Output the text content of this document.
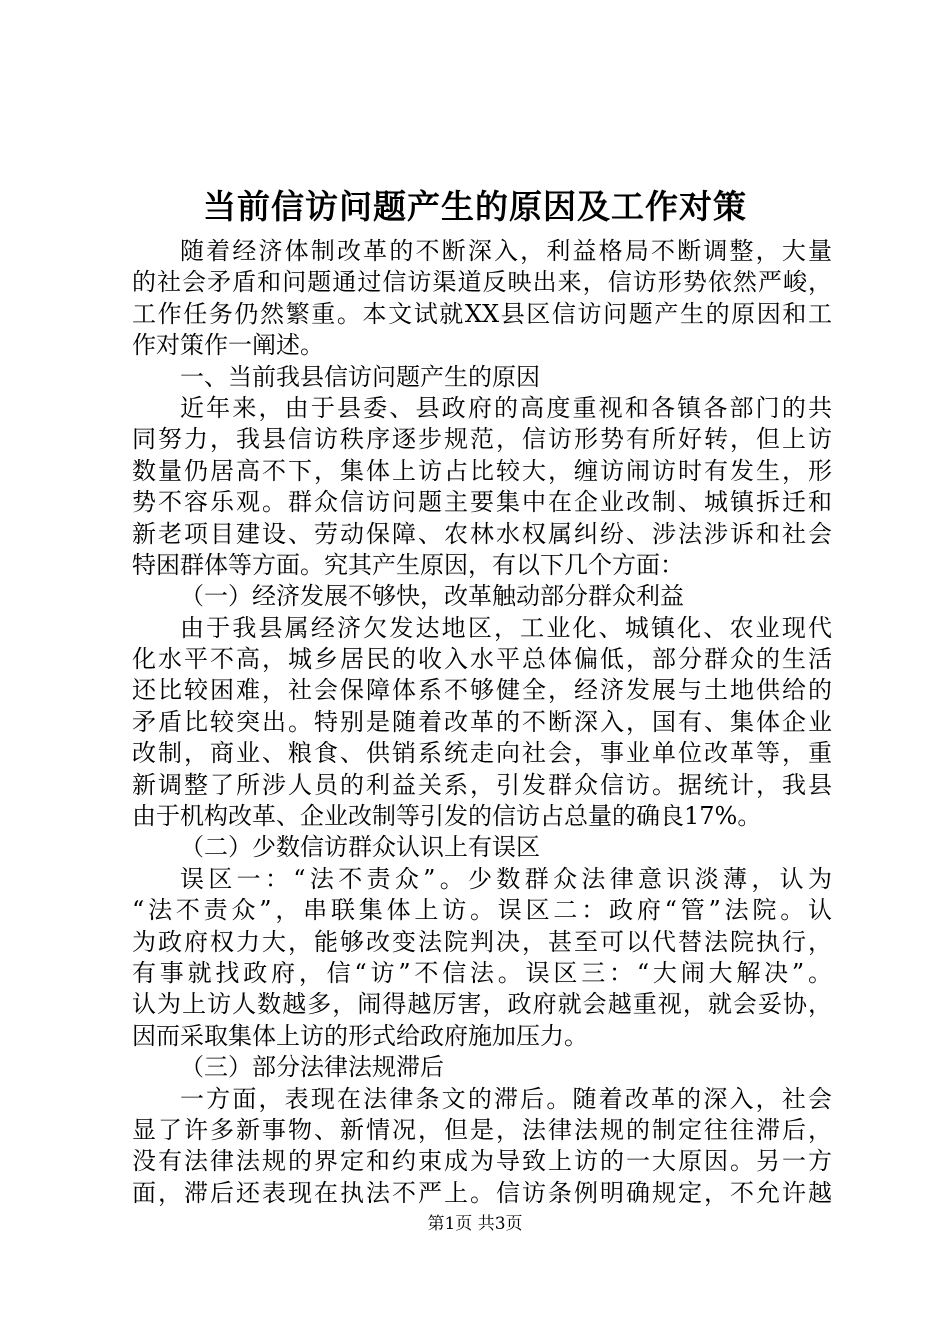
当前信访问题产生的原因及工作对策
随着经济体制改革的不断深入，利益格局不断调整，大量
的社会矛盾和问题通过信访渠道反映出来，信访形势依然严峻，
工作任务仍然繁重。本文试就XX县区信访问题产生的原因和工
作对策作一阐述。
一、当前我县信访问题产生的原因
近年来，由于县委、县政府的高度重视和各镇各部门的共
同努力，我县信访秩序逐步规范，信访形势有所好转，但上访
数量仍居高不下，集体上访占比较大，缠访闹访时有发生，形
势不容乐观。群众信访问题主要集中在企业改制、城镇拆迁和
新老项目建设、劳动保障、农林水权属纠纷、涉法涉诉和社会
特困群体等方面。究其产生原因，有以下几个方面：
（一）经济发展不够快，改革触动部分群众利益
由于我县属经济欠发达地区，工业化、城镇化、农业现代
化水平不高，城乡居民的收入水平总体偏低，部分群众的生活
还比较困难，社会保障体系不够健全，经济发展与土地供给的
矛盾比较突出。特别是随着改革的不断深入，国有、集体企业
改制，商业、粮食、供销系统走向社会，事业单位改革等，重
新调整了所涉人员的利益关系，引发群众信访。据统计，我县
由于机构改革、企业改制等引发的信访占总量的确良17%。
（二）少数信访群众认识上有误区
误区一：“法不责众”。少数群众法律意识淡薄，认为
“法不责众”，串联集体上访。误区二：政府“管”法院。认
为政府权力大，能够改变法院判决，甚至可以代替法院执行，
有事就找政府，信“访”不信法。误区三：“大闹大解决”。
认为上访人数越多，闹得越厉害，政府就会越重视，就会妥协，
因而采取集体上访的形式给政府施加压力。
（三）部分法律法规滞后
一方面，表现在法律条文的滞后。随着改革的深入，社会
显了许多新事物、新情况，但是，法律法规的制定往往滞后，
没有法律法规的界定和约束成为导致上访的一大原因。另一方
面，滞后还表现在执法不严上。信访条例明确规定，不允许越
第1页 共3页
